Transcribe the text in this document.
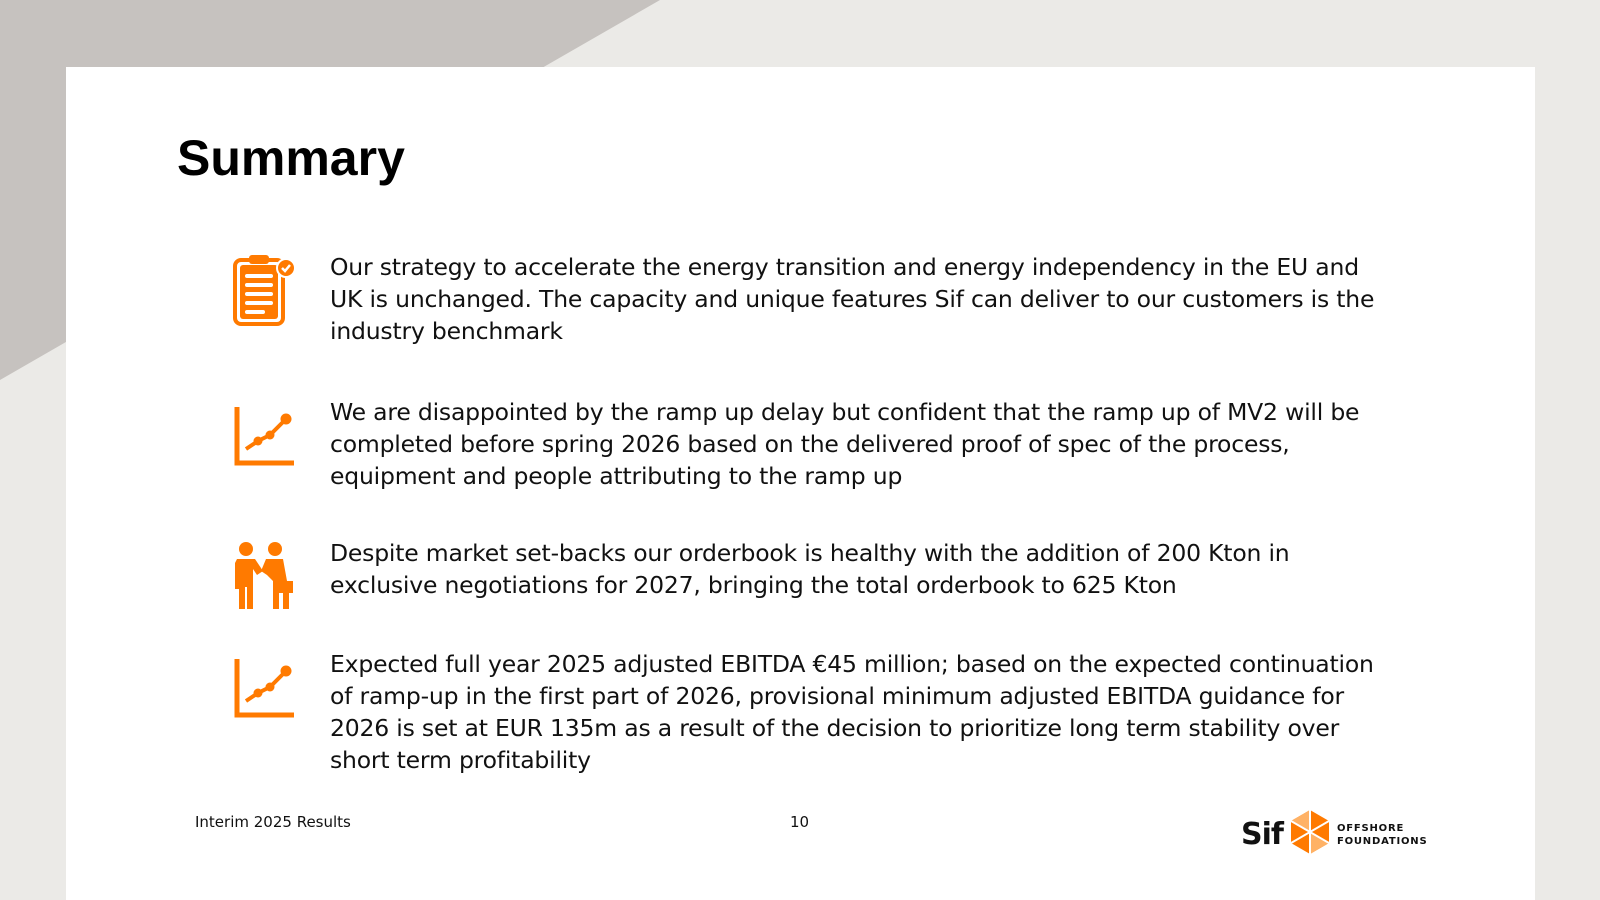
Summary
Our strategy to accelerate the energy transition and energy independency in the EU and UK is unchanged. The capacity and unique features Sif can deliver to our customers is the industry benchmark
We are disappointed by the ramp up delay but confident that the ramp up of MV2 will be completed before spring 2026 based on the delivered proof of spec of the process, equipment and people attributing to the ramp up
Despite market set-backs our orderbook is healthy with the addition of 200 Kton in exclusive negotiations for 2027, bringing the total orderbook to 625 Kton
Expected full year 2025 adjusted EBITDA €45 million; based on the expected continuation of ramp-up in the first part of 2026, provisional minimum adjusted EBITDA guidance for 2026 is set at EUR 135m as a result of the decision to prioritize long term stability over short term profitability
Interim 2025 Results	10	Sif	OFFSHORE
FOUNDATIONS
